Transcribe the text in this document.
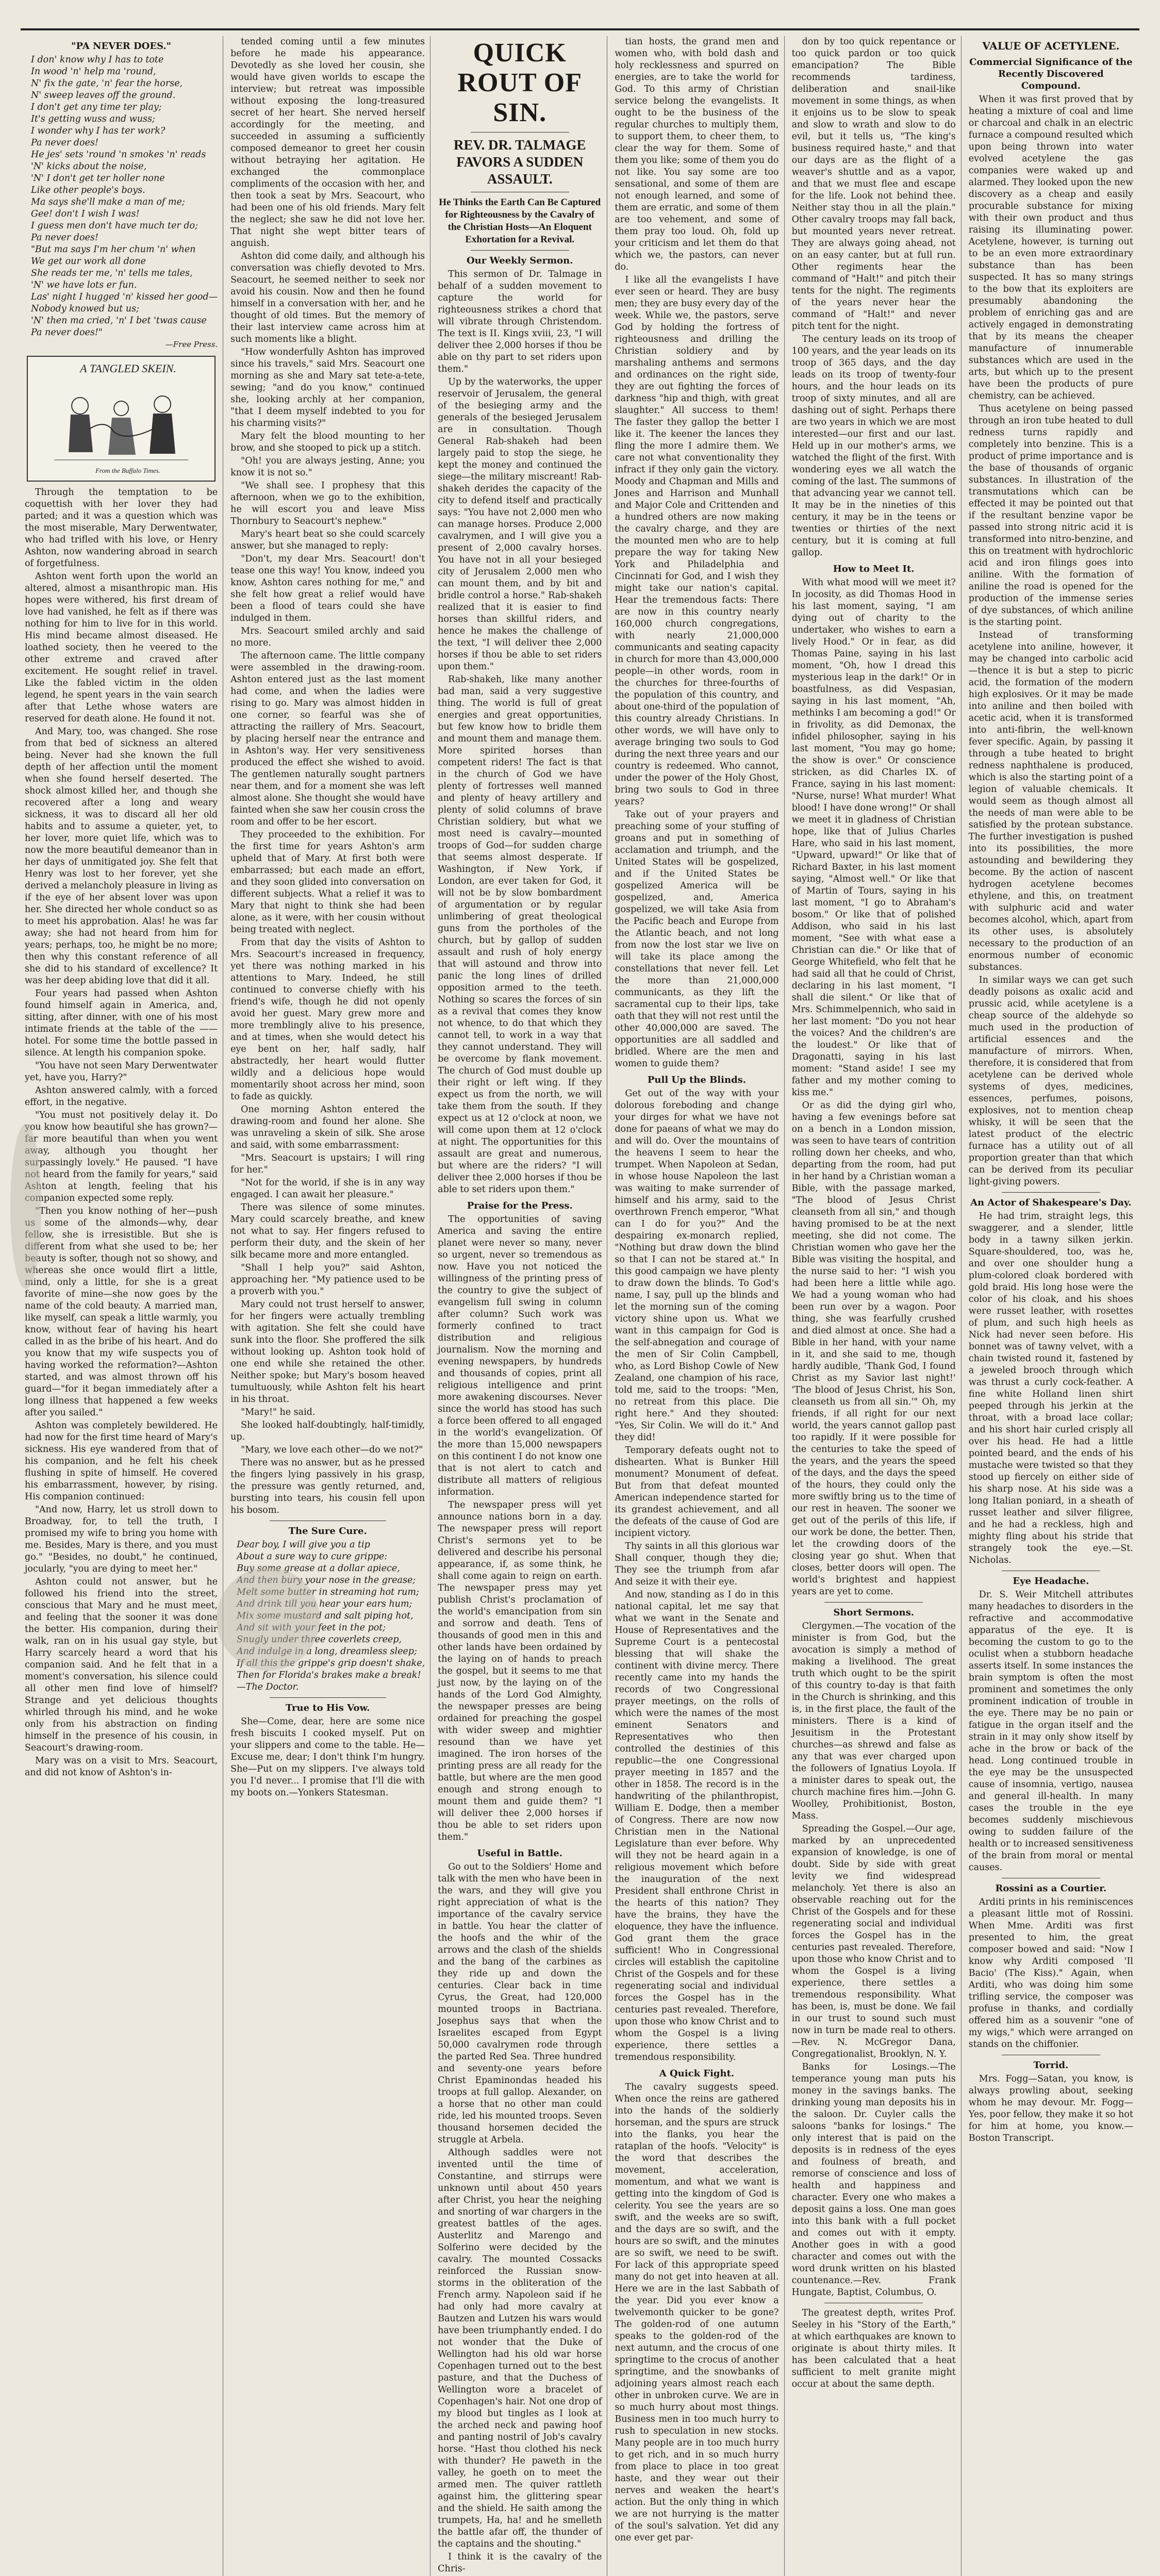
"PA NEVER DOES."
I don' know why I has to tote
In wood 'n' help ma 'round,
N' fix the gate, 'n' fear the horse,
N' sweep leaves off the ground.
I don't get any time ter play;
It's getting wuss and wuss;
I wonder why I has ter work?
Pa never does!
He jes' sets 'round 'n smokes 'n' reads
'N' kicks about the noise,
'N' I don't get ter holler none
Like other people's boys.
Ma says she'll make a man of me;
Gee! don't I wish I was!
I guess men don't have much ter do;
Pa never does!
"But ma says I'm her chum 'n' when
We get our work all done
She reads ter me, 'n' tells me tales,
'N' we have lots er fun.
Las' night I hugged 'n' kissed her good—
Nobody knowed but us;
'N' then ma cried, 'n' I bet 'twas cause
Pa never does!"
—Free Press.
A TANGLED SKEIN.
From the Buffalo Times.

Through the temptation to be coquettish with her lover they had parted; and it was a question which was the most miserable, Mary Derwentwater, who had trifled with his love, or Henry Ashton, now wandering abroad in search of forgetfulness.

Ashton went forth upon the world an altered, almost a misanthropic man. His hopes were withered, his first dream of love had vanished, he felt as if there was nothing for him to live for in this world. His mind became almost diseased. He loathed society, then he veered to the other extreme and craved after excitement. He sought relief in travel. Like the fabled victim in the olden legend, he spent years in the vain search after that Lethe whose waters are reserved for death alone. He found it not.

And Mary, too, was changed. She rose from that bed of sickness an altered being. Never had she known the full depth of her affection until the moment when she found herself deserted. The shock almost killed her, and though she recovered after a long and weary sickness, it was to discard all her old habits and to assume a quieter, yet, to her lover, more quiet life, which was to now the more beautiful demeanor than in her days of unmitigated joy. She felt that Henry was lost to her forever, yet she derived a melancholy pleasure in living as if the eye of her absent lover was upon her. She directed her whole conduct so as to meet his approbation. Alas! he was far away; she had not heard from him for years; perhaps, too, he might be no more; then why this constant reference of all she did to his standard of excellence? It was her deep abiding love that did it all.

Four years had passed when Ashton found himself again in America, and, sitting, after dinner, with one of his most intimate friends at the table of the —— hotel. For some time the bottle passed in silence. At length his companion spoke.

"You have not seen Mary Derwentwater yet, have you, Harry?"

Ashton answered calmly, with a forced effort, in the negative.

"You must not positively delay it. Do you know how beautiful she has grown?—far more beautiful than when you went away, although you thought her surpassingly lovely." He paused. "I have not heard from the family for years," said Ashton at length, feeling that his companion expected some reply.

"Then you know nothing of her—push us some of the almonds—why, dear fellow, she is irresistible. But she is different from what she used to be; her beauty is softer, though not so showy, and whereas she once would flirt a little, mind, only a little, for she is a great favorite of mine—she now goes by the name of the cold beauty. A married man, like myself, can speak a little warmly, you know, without fear of having his heart called in as the bribe of his heart. And do you know that my wife suspects you of having worked the reformation?—Ashton started, and was almost thrown off his guard—"for it began immediately after a long illness that happened a few weeks after you sailed."

Ashton was completely bewildered. He had now for the first time heard of Mary's sickness. His eye wandered from that of his companion, and he felt his cheek flushing in spite of himself. He covered his embarrassment, however, by rising. His companion continued:

"And now, Harry, let us stroll down to Broadway, for, to tell the truth, I promised my wife to bring you home with me. Besides, Mary is there, and you must go." "Besides, no doubt," he continued, jocularly, "you are dying to meet her."

Ashton could not answer, but he followed his friend into the street, conscious that Mary and he must meet, and feeling that the sooner it was done the better. His companion, during their walk, ran on in his usual gay style, but Harry scarcely heard a word that his companion said. And he felt that in a moment's conversation, his silence could all other men find love of himself? Strange and yet delicious thoughts whirled through his mind, and he woke only from his abstraction on finding himself in the presence of his cousin, in Seacourt's drawing-room.

Mary was on a visit to Mrs. Seacourt, and did not know of Ashton's in-

tended coming until a few minutes before he made his appearance. Devotedly as she loved her cousin, she would have given worlds to escape the interview; but retreat was impossible without exposing the long-treasured secret of her heart. She nerved herself accordingly for the meeting, and succeeded in assuming a sufficiently composed demeanor to greet her cousin without betraying her agitation. He exchanged the commonplace compliments of the occasion with her, and then took a seat by Mrs. Seacourt, who had been one of his old friends. Mary felt the neglect; she saw he did not love her. That night she wept bitter tears of anguish.

Ashton did come daily, and although his conversation was chiefly devoted to Mrs. Seacourt, he seemed neither to seek nor avoid his cousin. Now and then he found himself in a conversation with her, and he thought of old times. But the memory of their last interview came across him at such moments like a blight.

"How wonderfully Ashton has improved since his travels," said Mrs. Seacourt one morning as she and Mary sat tete-a-tete, sewing; "and do you know," continued she, looking archly at her companion, "that I deem myself indebted to you for his charming visits?"

Mary felt the blood mounting to her brow, and she stooped to pick up a stitch.

"Oh! you are always jesting, Anne; you know it is not so."

"We shall see. I prophesy that this afternoon, when we go to the exhibition, he will escort you and leave Miss Thornbury to Seacourt's nephew."

Mary's heart beat so she could scarcely answer, but she managed to reply:

"Don't, my dear Mrs. Seacourt! don't tease one this way! You know, indeed you know, Ashton cares nothing for me," and she felt how great a relief would have been a flood of tears could she have indulged in them.

Mrs. Seacourt smiled archly and said no more.

The afternoon came. The little company were assembled in the drawing-room. Ashton entered just as the last moment had come, and when the ladies were rising to go. Mary was almost hidden in one corner, so fearful was she of attracting the raillery of Mrs. Seacourt, by placing herself near the entrance and in Ashton's way. Her very sensitiveness produced the effect she wished to avoid. The gentlemen naturally sought partners near them, and for a moment she was left almost alone. She thought she would have fainted when she saw her cousin cross the room and offer to be her escort.

They proceeded to the exhibition. For the first time for years Ashton's arm upheld that of Mary. At first both were embarrassed; but each made an effort, and they soon glided into conversation on different subjects. What a relief it was to Mary that night to think she had been alone, as it were, with her cousin without being treated with neglect.

From that day the visits of Ashton to Mrs. Seacourt's increased in frequency, yet there was nothing marked in his attentions to Mary. Indeed, he still continued to converse chiefly with his friend's wife, though he did not openly avoid her guest. Mary grew more and more tremblingly alive to his presence, and at times, when she would detect his eye bent on her, half sadly, half abstractedly, her heart would flutter wildly and a delicious hope would momentarily shoot across her mind, soon to fade as quickly.

One morning Ashton entered the drawing-room and found her alone. She was unraveling a skein of silk. She arose and said, with some embarrassment:

"Mrs. Seacourt is upstairs; I will ring for her."

"Not for the world, if she is in any way engaged. I can await her pleasure."

There was silence of some minutes. Mary could scarcely breathe, and knew not what to say. Her fingers refused to perform their duty, and the skein of her silk became more and more entangled.

"Shall I help you?" said Ashton, approaching her. "My patience used to be a proverb with you."

Mary could not trust herself to answer, for her fingers were actually trembling with agitation. She felt she could have sunk into the floor. She proffered the silk without looking up. Ashton took hold of one end while she retained the other. Neither spoke; but Mary's bosom heaved tumultuously, while Ashton felt his heart in his throat.

"Mary!" he said.

She looked half-doubtingly, half-timidly, up.

"Mary, we love each other—do we not?"

There was no answer, but as he pressed the fingers lying passively in his grasp, the pressure was gently returned, and, bursting into tears, his cousin fell upon his bosom.

The Sure Cure.
Dear boy, I will give you a tip
About a sure way to cure grippe:
Buy some grease at a dollar apiece,
And then bury your nose in the grease;
Melt some butter in streaming hot rum;
And drink till you hear your ears hum;
Mix some mustard and salt piping hot,
And sit with your feet in the pot;
Snugly under three coverlets creep,
And indulge in a long, dreamless sleep;
If all this the grippe's grip doesn't shake,
Then for Florida's brakes make a break!
—The Doctor.
True to His Vow.

She—Come, dear, here are some nice fresh biscuits I cooked myself. Put on your slippers and come to the table. He—Excuse me, dear; I don't think I'm hungry. She—Put on my slippers. I've always told you I'd never... I promise that I'll die with my boots on.—Yonkers Statesman.

QUICK ROUT OF SIN.
REV. DR. TALMAGE FAVORS A SUDDEN ASSAULT.
He Thinks the Earth Can Be Captured for Righteousness by the Cavalry of the Christian Hosts—An Eloquent Exhortation for a Revival.
Our Weekly Sermon.

This sermon of Dr. Talmage in behalf of a sudden movement to capture the world for righteousness strikes a chord that will vibrate through Christendom. The text is II. Kings xviii, 23, "I will deliver thee 2,000 horses if thou be able on thy part to set riders upon them."

Up by the waterworks, the upper reservoir of Jerusalem, the general of the besieging army and the generals of the besieged Jerusalem are in consultation. Though General Rab-shakeh had been largely paid to stop the siege, he kept the money and continued the siege—the military miscreant! Rab-shakeh derides the capacity of the city to defend itself and practically says: "You have not 2,000 men who can manage horses. Produce 2,000 cavalrymen, and I will give you a present of 2,000 cavalry horses. You have not in all your besieged city of Jerusalem 2,000 men who can mount them, and by bit and bridle control a horse." Rab-shakeh realized that it is easier to find horses than skillful riders, and hence he makes the challenge of the text, "I will deliver thee 2,000 horses if thou be able to set riders upon them."

Rab-shakeh, like many another bad man, said a very suggestive thing. The world is full of great energies and great opportunities, but few know how to bridle them and mount them and manage them. More spirited horses than competent riders! The fact is that in the church of God we have plenty of fortresses well manned and plenty of heavy artillery and plenty of solid columns of brave Christian soldiery, but what we most need is cavalry—mounted troops of God—for sudden charge that seems almost desperate. If Washington, if New York, if London, are ever taken for God, it will not be by slow bombardment of argumentation or by regular unlimbering of great theological guns from the portholes of the church, but by gallop of sudden assault and rush of holy energy that will astound and throw into panic the long lines of drilled opposition armed to the teeth. Nothing so scares the forces of sin as a revival that comes they know not whence, to do that which they cannot tell, to work in a way that they cannot understand. They will be overcome by flank movement. The church of God must double up their right or left wing. If they expect us from the north, we will take them from the south. If they expect us at 12 o'clock at noon, we will come upon them at 12 o'clock at night. The opportunities for this assault are great and numerous, but where are the riders? "I will deliver thee 2,000 horses if thou be able to set riders upon them."

Praise for the Press.

The opportunities of saving America and saving the entire planet were never so many, never so urgent, never so tremendous as now. Have you not noticed the willingness of the printing press of the country to give the subject of evangelism full swing in column after column? Such work was formerly confined to tract distribution and religious journalism. Now the morning and evening newspapers, by hundreds and thousands of copies, print all religious intelligence and print more awakening discourses. Never since the world has stood has such a force been offered to all engaged in the world's evangelization. Of the more than 15,000 newspapers on this continent I do not know one that is not alert to catch and distribute all matters of religious information.

The newspaper press will yet announce nations born in a day. The newspaper press will report Christ's sermons yet to be delivered and describe his personal appearance, if, as some think, he shall come again to reign on earth. The newspaper press may yet publish Christ's proclamation of the world's emancipation from sin and sorrow and death. Tens of thousands of good men in this and other lands have been ordained by the laying on of hands to preach the gospel, but it seems to me that just now, by the laying on of the hands of the Lord God Almighty, the newspaper presses are being ordained for preaching the gospel with wider sweep and mightier resound than we have yet imagined. The iron horses of the printing press are all ready for the battle, but where are the men good enough and strong enough to mount them and guide them? "I will deliver thee 2,000 horses if thou be able to set riders upon them."

Useful in Battle.

Go out to the Soldiers' Home and talk with the men who have been in the wars, and they will give you right appreciation of what is the importance of the cavalry service in battle. You hear the clatter of the hoofs and the whir of the arrows and the clash of the shields and the bang of the carbines as they ride up and down the centuries. Clear back in time Cyrus, the Great, had 120,000 mounted troops in Bactriana. Josephus says that when the Israelites escaped from Egypt 50,000 cavalrymen rode through the parted Red Sea. Three hundred and seventy-one years before Christ Epaminondas headed his troops at full gallop. Alexander, on a horse that no other man could ride, led his mounted troops. Seven thousand horsemen decided the struggle at Arbela.

Although saddles were not invented until the time of Constantine, and stirrups were unknown until about 450 years after Christ, you hear the neighing and snorting of war chargers in the greatest battles of the ages. Austerlitz and Marengo and Solferino were decided by the cavalry. The mounted Cossacks reinforced the Russian snow-storms in the obliteration of the French army. Napoleon said if he had only had more cavalry at Bautzen and Lutzen his wars would have been triumphantly ended. I do not wonder that the Duke of Wellington had his old war horse Copenhagen turned out to the best pasture, and that the Duchess of Wellington wore a bracelet of Copenhagen's hair. Not one drop of my blood but tingles as I look at the arched neck and pawing hoof and panting nostril of Job's cavalry horse. "Hast thou clothed his neck with thunder? He paweth in the valley, he goeth on to meet the armed men. The quiver rattleth against him, the glittering spear and the shield. He saith among the trumpets, Ha, ha! and he smelleth the battle afar off, the thunder of the captains and the shouting."

I think it is the cavalry of the Chris-

tian hosts, the grand men and women who, with bold dash and holy recklessness and spurred on energies, are to take the world for God. To this army of Christian service belong the evangelists. It ought to be the business of the regular churches to multiply them, to support them, to cheer them, to clear the way for them. Some of them you like; some of them you do not like. You say some are too sensational, and some of them are not enough learned, and some of them are erratic, and some of them are too vehement, and some of them pray too loud. Oh, fold up your criticism and let them do that which we, the pastors, can never do.

I like all the evangelists I have ever seen or heard. They are busy men; they are busy every day of the week. While we, the pastors, serve God by holding the fortress of righteousness and drilling the Christian soldiery and by marshaling anthems and sermons and ordinances on the right side, they are out fighting the forces of darkness "hip and thigh, with great slaughter." All success to them! The faster they gallop the better I like it. The keener the lances they fling the more I admire them. We care not what conventionality they infract if they only gain the victory. Moody and Chapman and Mills and Jones and Harrison and Munhall and Major Cole and Crittenden and a hundred others are now making the cavalry charge, and they are the mounted men who are to help prepare the way for taking New York and Philadelphia and Cincinnati for God, and I wish they might take our nation's capital. Hear the tremendous facts: There are now in this country nearly 160,000 church congregations, with nearly 21,000,000 communicants and seating capacity in church for more than 43,000,000 people—in other words, room in the churches for three-fourths of the population of this country, and about one-third of the population of this country already Christians. In other words, we will have only to average bringing two souls to God during the next three years and our country is redeemed. Who cannot, under the power of the Holy Ghost, bring two souls to God in three years?

Take out of your prayers and preaching some of your stuffing of groans and put in something of acclamation and triumph, and the United States will be gospelized, and if the United States be gospelized America will be gospelized, and, America gospelized, we will take Asia from the Pacific beach and Europe from the Atlantic beach, and not long from now the lost star we live on will take its place among the constellations that never fell. Let the more than 21,000,000 communicants, as they lift the sacramental cup to their lips, take oath that they will not rest until the other 40,000,000 are saved. The opportunities are all saddled and bridled. Where are the men and women to guide them?

Pull Up the Blinds.

Get out of the way with your dolorous foreboding and change your dirges for what we have not done for paeans of what we may do and will do. Over the mountains of the heavens I seem to hear the trumpet. When Napoleon at Sedan, in whose house Napoleon the last was waiting to make surrender of himself and his army, said to the overthrown French emperor, "What can I do for you?" And the despairing ex-monarch replied, "Nothing but draw down the blind so that I can not be stared at." In this good campaign we have plenty to draw down the blinds. To God's name, I say, pull up the blinds and let the morning sun of the coming victory shine upon us. What we want in this campaign for God is the self-abnegation and courage of the men of Sir Colin Campbell, who, as Lord Bishop Cowle of New Zealand, one champion of his race, told me, said to the troops: "Men, no retreat from this place. Die right here." And they shouted: "Yes, Sir Colin. We will do it." And they did!

Temporary defeats ought not to dishearten. What is Bunker Hill monument? Monument of defeat. But from that defeat mounted American independence started for its grandest achievement, and all the defeats of the cause of God are incipient victory.

Thy saints in all this glorious war Shall conquer, though they die; They see the triumph from afar And seize it with their eye.

And now, standing as I do in this national capital, let me say that what we want in the Senate and House of Representatives and the Supreme Court is a pentecostal blessing that will shake the continent with divine mercy. There recently came into my hands the records of two Congressional prayer meetings, on the rolls of which were the names of the most eminent Senators and Representatives who then controlled the destinies of this republic—the one Congressional prayer meeting in 1857 and the other in 1858. The record is in the handwriting of the philanthropist, William E. Dodge, then a member of Congress. There are now now Christian men in the National Legislature than ever before. Why will they not be heard again in a religious movement which before the inauguration of the next President shall enthrone Christ in the hearts of this nation? They have the brains, they have the eloquence, they have the influence. God grant them the grace sufficient! Who in Congressional circles will establish the capitoline Christ of the Gospels and for these regenerating social and individual forces the Gospel has in the centuries past revealed. Therefore, upon those who know Christ and to whom the Gospel is a living experience, there settles a tremendous responsibility.

A Quick Fight.

The cavalry suggests speed. When once the reins are gathered into the hands of the soldierly horseman, and the spurs are struck into the flanks, you hear the rataplan of the hoofs. "Velocity" is the word that describes the movement, acceleration, momentum, and what we want is getting into the kingdom of God is celerity. You see the years are so swift, and the weeks are so swift, and the days are so swift, and the hours are so swift, and the minutes are so swift, we need to be swift. For lack of this appropriate speed many do not get into heaven at all. Here we are in the last Sabbath of the year. Did you ever know a twelvemonth quicker to be gone? The golden-rod of one autumn speaks to the golden-rod of the next autumn, and the crocus of one springtime to the crocus of another springtime, and the snowbanks of adjoining years almost reach each other in unbroken curve. We are in so much hurry about most things. Business men in too much hurry to rush to speculation in new stocks. Many people are in too much hurry to get rich, and in so much hurry from place to place in too great haste, and they wear out their nerves and weaken the heart's action. But the only thing in which we are not hurrying is the matter of the soul's salvation. Yet did any one ever get par-

don by too quick repentance or too quick pardon or too quick emancipation? The Bible recommends tardiness, deliberation and snail-like movement in some things, as when it enjoins us to be slow to speak and slow to wrath and slow to do evil, but it tells us, "The king's business required haste," and that our days are as the flight of a weaver's shuttle and as a vapor, and that we must flee and escape for the life. Look not behind thee. Neither stay thou in all the plain." Other cavalry troops may fall back, but mounted years never retreat. They are always going ahead, not on an easy canter, but at full run. Other regiments hear the command of "Halt!" and pitch their tents for the night. The regiments of the years never hear the command of "Halt!" and never pitch tent for the night.

The century leads on its troop of 100 years, and the year leads on its troop of 365 days, and the day leads on its troop of twenty-four hours, and the hour leads on its troop of sixty minutes, and all are dashing out of sight. Perhaps there are two years in which we are most interested—our first and our last. Held up in our mother's arms, we watched the flight of the first. With wondering eyes we all watch the coming of the last. The summons of that advancing year we cannot tell. It may be in the nineties of this century, it may be in the teens or twenties or thirties of the next century, but it is coming at full gallop.

How to Meet It.

With what mood will we meet it? In jocosity, as did Thomas Hood in his last moment, saying, "I am dying out of charity to the undertaker, who wishes to earn a lively Hood." Or in fear, as did Thomas Paine, saying in his last moment, "Oh, how I dread this mysterious leap in the dark!" Or in boastfulness, as did Vespasian, saying in his last moment, "Ah, methinks I am becoming a god!" Or in frivolity, as did Demonax, the infidel philosopher, saying in his last moment, "You may go home; the show is over." Or conscience stricken, as did Charles IX. of France, saying in his last moment: "Nurse, nurse! What murder! What blood! I have done wrong!" Or shall we meet it in gladness of Christian hope, like that of Julius Charles Hare, who said in his last moment, "Upward, upward!" Or like that of Richard Baxter, in his last moment saying, "Almost well." Or like that of Martin of Tours, saying in his last moment, "I go to Abraham's bosom." Or like that of polished Addison, who said in his last moment, "See with what ease a Christian can die." Or like that of George Whitefield, who felt that he had said all that he could of Christ, declaring in his last moment, "I shall die silent." Or like that of Mrs. Schimmelpennich, who said in her last moment: "Do you not hear the voices? And the children's are the loudest." Or like that of Dragonatti, saying in his last moment: "Stand aside! I see my father and my mother coming to kiss me."

Or as did the dying girl who, having a few evenings before sat on a bench in a London mission, was seen to have tears of contrition rolling down her cheeks, and who, departing from the room, had put in her hand by a Christian woman a Bible, with the passage marked, "The blood of Jesus Christ cleanseth from all sin," and though having promised to be at the next meeting, she did not come. The Christian women who gave her the Bible was visiting the hospital, and the nurse said to her: "I wish you had been here a little while ago. We had a young woman who had been run over by a wagon. Poor thing, she was fearfully crushed and died almost at once. She had a Bible in her hand, with your name in it, and she said to me, though hardly audible, 'Thank God, I found Christ as my Savior last night!' 'The blood of Jesus Christ, his Son, cleanseth us from all sin.'" Oh, my friends, if all right for our next world, the years cannot gallop past too rapidly. If it were possible for the centuries to take the speed of the years, and the years the speed of the days, and the days the speed of the hours, they could only the more swiftly bring us to the time of our rest in heaven. The sooner we get out of the perils of this life, if our work be done, the better. Then, let the crowding doors of the closing year go shut. When that closes, better doors will open. The world's brightest and happiest years are yet to come.

Short Sermons.

Clergymen.—The vocation of the minister is from God, but the avocation is simply a method of making a livelihood. The great truth which ought to be the spirit of this country to-day is that faith in the Church is shrinking, and this is, in the first place, the fault of the ministers. There is a kind of Jesuitism in the Protestant churches—as shrewd and false as any that was ever charged upon the followers of Ignatius Loyola. If a minister dares to speak out, the church machine fires him.—John G. Woolley, Prohibitionist, Boston, Mass.

Spreading the Gospel.—Our age, marked by an unprecedented expansion of knowledge, is one of doubt. Side by side with great levity we find widespread melancholy. Yet there is also an observable reaching out for the Christ of the Gospels and for these regenerating social and individual forces the Gospel has in the centuries past revealed. Therefore, upon those who know Christ and to whom the Gospel is a living experience, there settles a tremendous responsibility. What has been, is, must be done. We fail in our trust to sound such must now in turn be made real to others.—Rev. N. McGregor Dana, Congregationalist, Brooklyn, N. Y.

Banks for Losings.—The temperance young man puts his money in the savings banks. The drinking young man deposits his in the saloon. Dr. Cuyler calls the saloons "banks for losings." The only interest that is paid on the deposits is in redness of the eyes and foulness of breath, and remorse of conscience and loss of health and happiness and character. Every one who makes a deposit gains a loss. One man goes into this bank with a full pocket and comes out with it empty. Another goes in with a good character and comes out with the word drunk written on his blasted countenance.—Rev. Frank Hungate, Baptist, Columbus, O.

The greatest depth, writes Prof. Seeley in his "Story of the Earth," at which earthquakes are known to originate is about thirty miles. It has been calculated that a heat sufficient to melt granite might occur at about the same depth.

VALUE OF ACETYLENE.
Commercial Significance of the Recently Discovered Compound.

When it was first proved that by heating a mixture of coal and lime or charcoal and chalk in an electric furnace a compound resulted which upon being thrown into water evolved acetylene the gas companies were waked up and alarmed. They looked upon the new discovery as a cheap and easily procurable substance for mixing with their own product and thus raising its illuminating power. Acetylene, however, is turning out to be an even more extraordinary substance than has been suspected. It has so many strings to the bow that its exploiters are presumably abandoning the problem of enriching gas and are actively engaged in demonstrating that by its means the cheaper manufacture of innumerable substances which are used in the arts, but which up to the present have been the products of pure chemistry, can be achieved.

Thus acetylene on being passed through an iron tube heated to dull redness turns rapidly and completely into benzine. This is a product of prime importance and is the base of thousands of organic substances. In illustration of the transmutations which can be effected it may be pointed out that if the resultant benzine vapor be passed into strong nitric acid it is transformed into nitro-benzine, and this on treatment with hydrochloric acid and iron filings goes into aniline. With the formation of aniline the road is opened for the production of the immense series of dye substances, of which aniline is the starting point.

Instead of transforming acetylene into aniline, however, it may be changed into carbolic acid—thence it is but a step to picric acid, the formation of the modern high explosives. Or it may be made into aniline and then boiled with acetic acid, when it is transformed into anti-fibrin, the well-known fever specific. Again, by passing it through a tube heated to bright redness naphthalene is produced, which is also the starting point of a legion of valuable chemicals. It would seem as though almost all the needs of man were able to be satisfied by the protean substance. The further investigation is pushed into its possibilities, the more astounding and bewildering they become. By the action of nascent hydrogen acetylene becomes ethylene, and this, on treatment with sulphuric acid and water becomes alcohol, which, apart from its other uses, is absolutely necessary to the production of an enormous number of economic substances.

In similar ways we can get such deadly poisons as oxalic acid and prussic acid, while acetylene is a cheap source of the aldehyde so much used in the production of artificial essences and the manufacture of mirrors. When, therefore, it is considered that from acetylene can be derived whole systems of dyes, medicines, essences, perfumes, poisons, explosives, not to mention cheap whisky, it will be seen that the latest product of the electric furnace has a utility out of all proportion greater than that which can be derived from its peculiar light-giving powers.

An Actor of Shakespeare's Day.

He had trim, straight legs, this swaggerer, and a slender, little body in a tawny silken jerkin. Square-shouldered, too, was he, and over one shoulder hung a plum-colored cloak bordered with gold braid. His long hose were the color of his cloak, and his shoes were russet leather, with rosettes of plum, and such high heels as Nick had never seen before. His bonnet was of tawny velvet, with a chain twisted round it, fastened by a jeweled brooch through which was thrust a curly cock-feather. A fine white Holland linen shirt peeped through his jerkin at the throat, with a broad lace collar; and his short hair curled crisply all over his head. He had a little pointed beard, and the ends of his mustache were twisted so that they stood up fiercely on either side of his sharp nose. At his side was a long Italian poniard, in a sheath of russet leather and silver filigree, and he had a reckless, high and mighty fling about his stride that strangely took the eye.—St. Nicholas.

Eye Headache.

Dr. S. Weir Mitchell attributes many headaches to disorders in the refractive and accommodative apparatus of the eye. It is becoming the custom to go to the oculist when a stubborn headache asserts itself. In some instances the brain symptom is often the most prominent and sometimes the only prominent indication of trouble in the eye. There may be no pain or fatigue in the organ itself and the strain in it may only show itself by ache in the brow or back of the head. Long continued trouble in the eye may be the unsuspected cause of insomnia, vertigo, nausea and general ill-health. In many cases the trouble in the eye becomes suddenly mischievous owing to sudden failure of the health or to increased sensitiveness of the brain from moral or mental causes.

Rossini as a Courtier.

Arditi prints in his reminiscences a pleasant little mot of Rossini. When Mme. Arditi was first presented to him, the great composer bowed and said: "Now I know why Arditi composed 'Il Bacio' (The Kiss)." Again, when Arditi, who was doing him some trifling service, the composer was profuse in thanks, and cordially offered him as a souvenir "one of my wigs," which were arranged on stands on the chiffonier.

Torrid.

Mrs. Fogg—Satan, you know, is always prowling about, seeking whom he may devour. Mr. Fogg—Yes, poor fellow, they make it so hot for him at home, you know.—Boston Transcript.
